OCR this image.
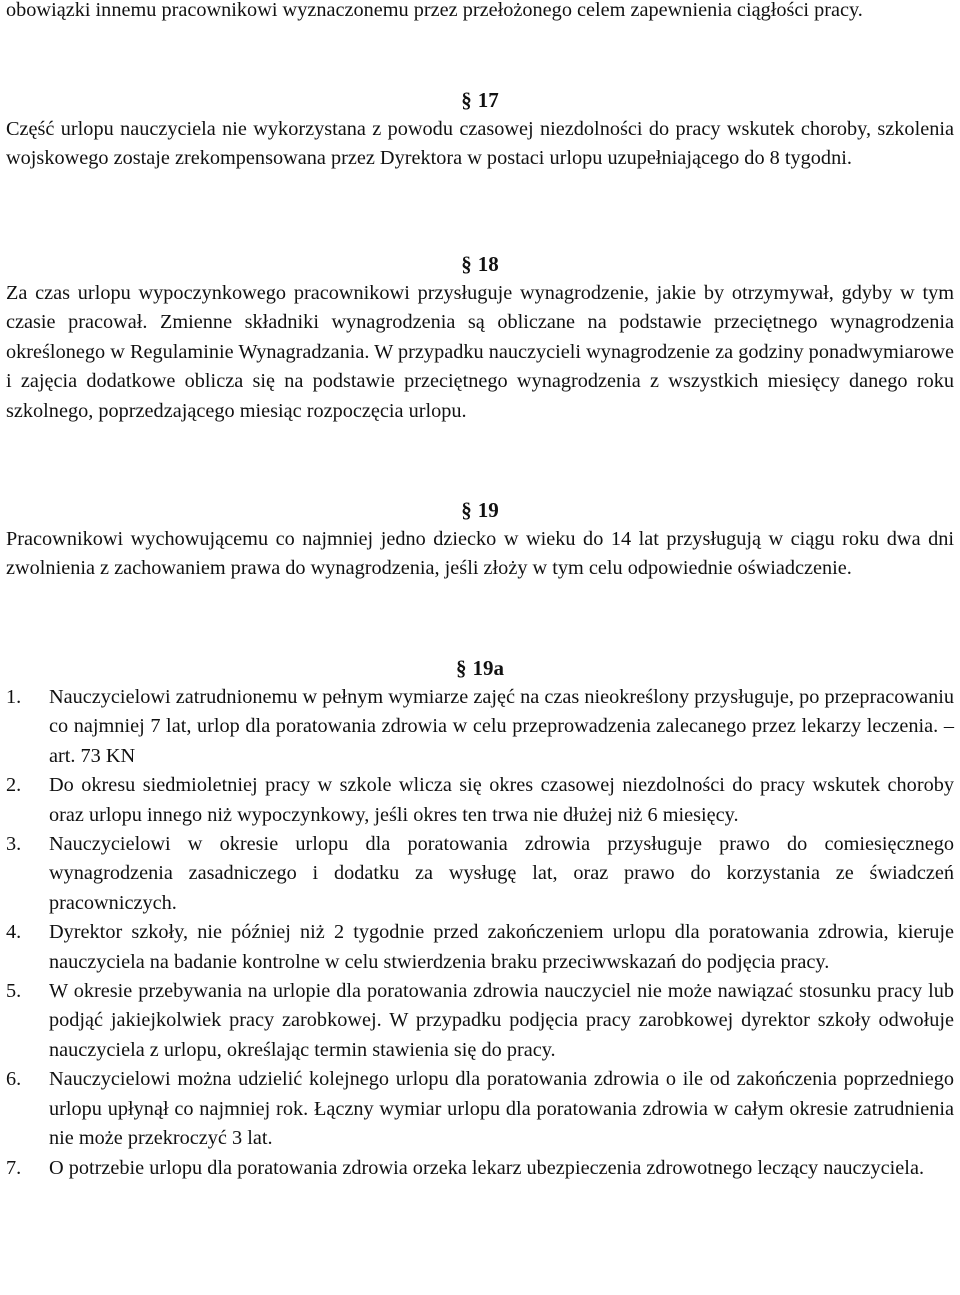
obowiązki innemu pracownikowi wyznaczonemu przez przełożonego celem zapewnienia ciągłości pracy.

§ 17

Część urlopu nauczyciela nie wykorzystana z powodu czasowej niezdolności do pracy wskutek choroby, szkolenia wojskowego zostaje zrekompensowana przez Dyrektora w postaci urlopu uzupełniającego do 8 tygodni.

§ 18

Za czas urlopu wypoczynkowego pracownikowi przysługuje wynagrodzenie, jakie by otrzymywał, gdyby w tym czasie pracował. Zmienne składniki wynagrodzenia są obliczane na podstawie przeciętnego wynagrodzenia określonego w Regulaminie Wynagradzania. W przypadku nauczycieli wynagrodzenie za godziny ponadwymiarowe i zajęcia dodatkowe oblicza się na podstawie przeciętnego wynagrodzenia z wszystkich miesięcy danego roku szkolnego, poprzedzającego miesiąc rozpoczęcia urlopu.

§ 19

Pracownikowi wychowującemu co najmniej jedno dziecko w wieku do 14 lat przysługują w ciągu roku dwa dni zwolnienia z zachowaniem prawa do wynagrodzenia, jeśli złoży w tym celu odpowiednie oświadczenie.

§ 19a

1. Nauczycielowi zatrudnionemu w pełnym wymiarze zajęć na czas nieokreślony przysługuje, po przepracowaniu co najmniej 7 lat, urlop dla poratowania zdrowia w celu przeprowadzenia zalecanego przez lekarzy leczenia. – art. 73 KN
2. Do okresu siedmioletniej pracy w szkole wlicza się okres czasowej niezdolności do pracy wskutek choroby oraz urlopu innego niż wypoczynkowy, jeśli okres ten trwa nie dłużej niż 6 miesięcy.
3. Nauczycielowi w okresie urlopu dla poratowania zdrowia przysługuje prawo do comiesięcznego wynagrodzenia zasadniczego i dodatku za wysługę lat, oraz prawo do korzystania ze świadczeń pracowniczych.
4. Dyrektor szkoły, nie później niż 2 tygodnie przed zakończeniem urlopu dla poratowania zdrowia, kieruje nauczyciela na badanie kontrolne w celu stwierdzenia braku przeciwwskazań do podjęcia pracy.
5. W okresie przebywania na urlopie dla poratowania zdrowia nauczyciel nie może nawiązać stosunku pracy lub podjąć jakiejkolwiek pracy zarobkowej. W przypadku podjęcia pracy zarobkowej dyrektor szkoły odwołuje nauczyciela z urlopu, określając termin stawienia się do pracy.
6. Nauczycielowi można udzielić kolejnego urlopu dla poratowania zdrowia o ile od zakończenia poprzedniego urlopu upłynął co najmniej rok. Łączny wymiar urlopu dla poratowania zdrowia w całym okresie zatrudnienia nie może przekroczyć 3 lat.
7. O potrzebie urlopu dla poratowania zdrowia orzeka lekarz ubezpieczenia zdrowotnego leczący nauczyciela.
